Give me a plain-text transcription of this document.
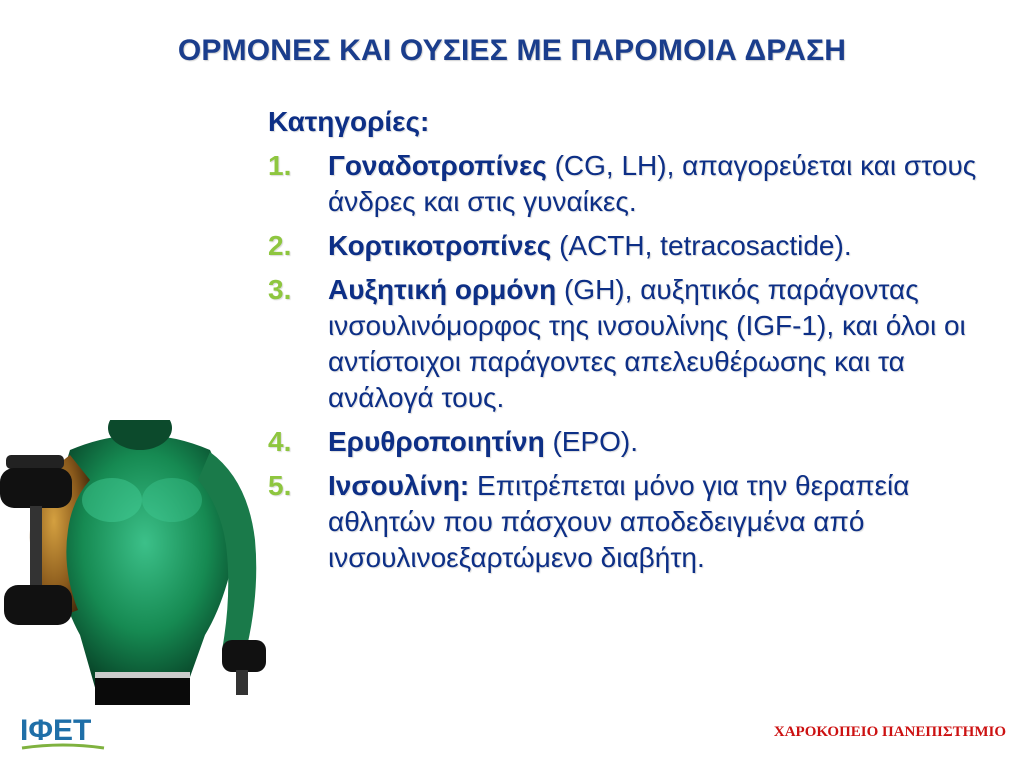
ΟΡΜΟΝΕΣ ΚΑΙ ΟΥΣΙΕΣ ΜΕ ΠΑΡΟΜΟΙΑ ΔΡΑΣΗ
Κατηγορίες:
1. Γοναδοτροπίνες (CG, LH), απαγορεύεται και στους άνδρες και στις γυναίκες.
2. Κορτικοτροπίνες (ACTH, tetracosactide).
3. Αυξητική ορμόνη (GH), αυξητικός παράγοντας ινσουλινόμορφος της ινσουλίνης (IGF-1), και όλοι οι αντίστοιχοι παράγοντες απελευθέρωσης και τα ανάλογά τους.
4. Ερυθροποιητίνη (EPO).
5. Ινσουλίνη: Επιτρέπεται μόνο για την θεραπεία αθλητών που πάσχουν αποδεδειγμένα από ινσουλινοεξαρτώμενο διαβήτη.
ΙΦΕΤ	ΧΑΡΟΚΟΠΕΙΟ ΠΑΝΕΠΙΣΤΗΜΙΟ
